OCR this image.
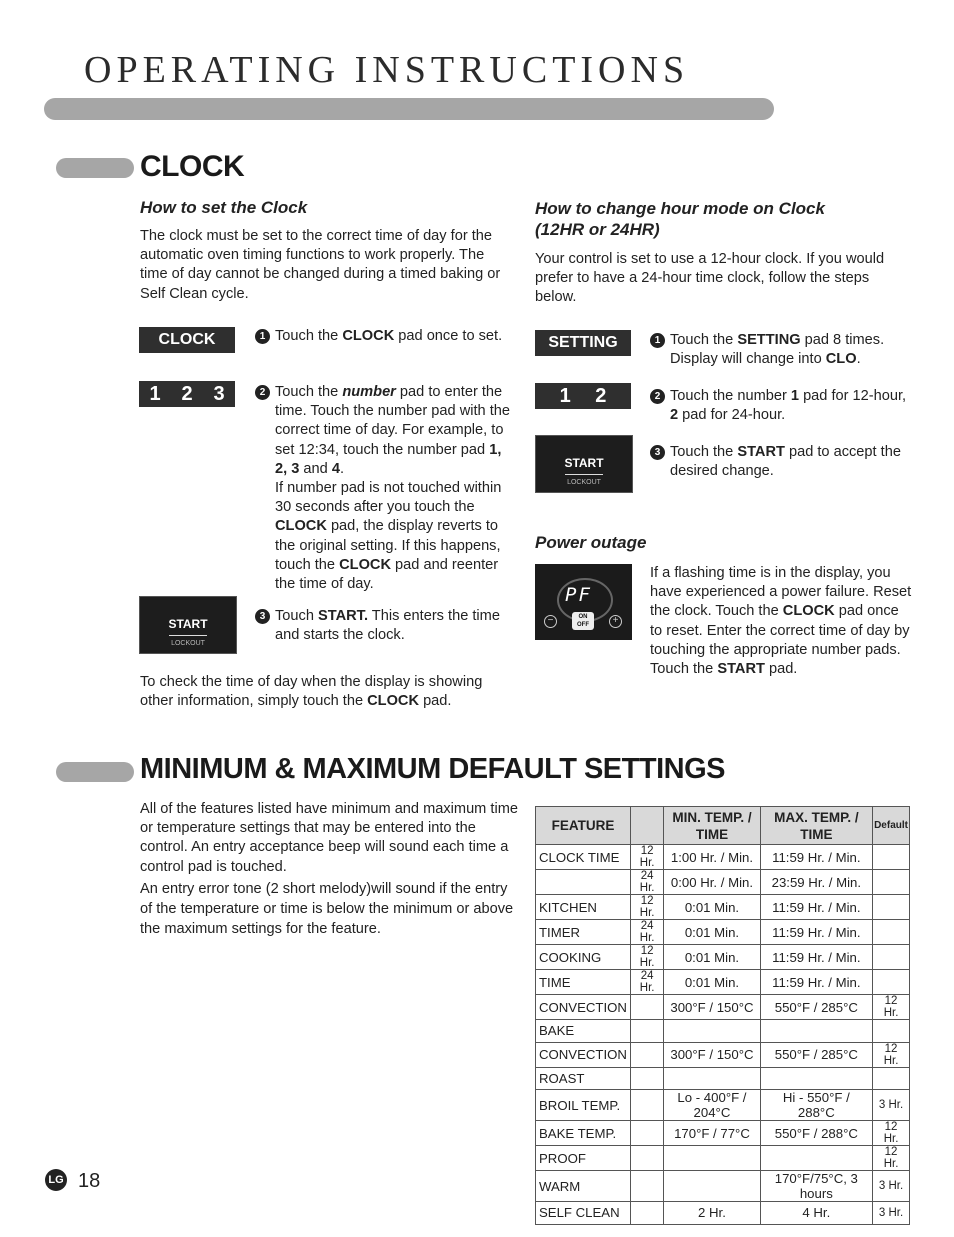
OPERATING INSTRUCTIONS
CLOCK
How to set the Clock
The clock must be set to the correct time of day for the automatic oven timing functions to work properly. The time of day cannot be changed during a timed baking or Self Clean cycle.
CLOCK	1 Touch the CLOCK pad once to set.
1 2 3	2 Touch the number pad to enter the time. Touch the number pad with the correct time of day. For example, to set 12:34, touch the number pad 1, 2, 3 and 4.
If number pad is not touched within 30 seconds after you touch the CLOCK pad, the display reverts to the original setting. If this happens, touch the CLOCK pad and reenter the time of day.
START
LOCKOUT
3 Touch START. This enters the time and starts the clock.
To check the time of day when the display is showing other information, simply touch the CLOCK pad.
How to change hour mode on Clock (12HR or 24HR)
Your control is set to use a 12-hour clock. If you would prefer to have a 24-hour time clock, follow the steps below.
SETTING	1 Touch the SETTING pad 8 times. Display will change into CLO.
1 2	2 Touch the number 1 pad for 12-hour, 2 pad for 24-hour.
START
LOCKOUT
3 Touch the START pad to accept the desired change.
Power outage
PF
ON OFF
−	+
If a flashing time is in the display, you have experienced a power failure. Reset the clock. Touch the CLOCK pad once to reset. Enter the correct time of day by touching the appropriate number pads.
Touch the START pad.
MINIMUM & MAXIMUM DEFAULT SETTINGS
All of the features listed have minimum and maximum time or temperature settings that may be entered into the control. An entry acceptance beep will sound each time a control pad is touched.
An entry error tone (2 short melody)will sound if the entry of the temperature or time is below the minimum or above the maximum settings for the feature.
FEATURE		MIN. TEMP. / TIME	MAX. TEMP. / TIME	Default
CLOCK TIME	12 Hr.	1:00 Hr. / Min.	11:59 Hr. / Min.	
	24 Hr.	0:00 Hr. / Min.	23:59 Hr. / Min.	
KITCHEN	12 Hr.	0:01 Min.	11:59 Hr. / Min.	
TIMER	24 Hr.	0:01 Min.	11:59 Hr. / Min.	
COOKING	12 Hr.	0:01 Min.	11:59 Hr. / Min.	
TIME	24 Hr.	0:01 Min.	11:59 Hr. / Min.	
CONVECTION		300°F / 150°C	550°F / 285°C	12 Hr.
BAKE				
CONVECTION		300°F / 150°C	550°F / 285°C	12 Hr.
ROAST				
BROIL TEMP.		Lo - 400°F / 204°C	Hi - 550°F / 288°C	3 Hr.
BAKE TEMP.		170°F / 77°C	550°F / 288°C	12 Hr.
PROOF				12 Hr.
WARM			170°F/75°C, 3 hours	3 Hr.
SELF CLEAN		2 Hr.	4 Hr.	3 Hr.
LG 18
